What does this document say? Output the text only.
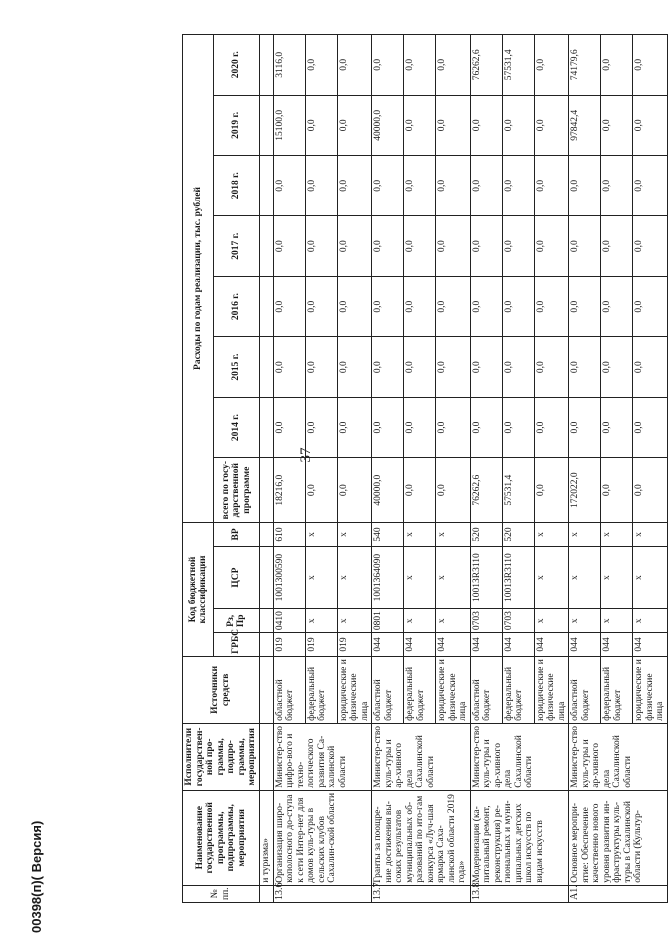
37
00398(п)( Версия)	№ пп.	Наименование государственной программы, подпрограммы, мероприятия	Исполнители государствен-ной про-граммы, подпро-граммы, мероприятия	Источники средств	Код бюджетной классификации				Расходы по годам реализации, тыс. рублей							
				ГРБС	Рз, Пр	ЦСР	ВР	всего по госу-дарственной программе	2014 г.	2015 г.	2016 г.	2017 г.	2018 г.	2019 г.	2020 г.
	и туризма»														
13.6	Организация широ-кополосного до-ступа к сети Интер-нет для домов куль-туры в сельских клубов Сахалин-ской области	Министер-ство цифро-вого и техно-логического развития Са-халинской области	областной бюджет	019	0410	1001300590	610	18216,0	0,0	0,0	0,0	0,0	0,0	15100,0	3116,0
			федеральный бюджет	019	х	х	х	0,0	0,0	0,0	0,0	0,0	0,0	0,0	0,0
			юридические и физические лица	019	х	х	х	0,0	0,0	0,0	0,0	0,0	0,0	0,0	0,0
13.7.	Гранты за поощре-ние достижения вы-соких результатов муниципальных об-разований по ито-гам конкурса «Луч-шая ярмарка Саха-линской области 2019 года»	Министер-ство куль-туры и ар-хивного дела Сахалинской области	областной бюджет	044	0801	1001364090	540	40000,0	0,0	0,0	0,0	0,0	0,0	40000,0	0,0
			федеральный бюджет	044	х	х	х	0,0	0,0	0,0	0,0	0,0	0,0	0,0	0,0
			юридические и физические лица	044	х	х	х	0,0	0,0	0,0	0,0	0,0	0,0	0,0	0,0
13.8.	Модернизация (ка-питальный ремонт, реконструкция) ре-гиональных и муни-ципальных детских школ искусств по видам искусств	Министер-ство куль-туры и ар-хивного дела Сахалинской области	областной бюджет	044	0703	1001ЗR3110	520	76262,6	0,0	0,0	0,0	0,0	0,0	0,0	76262,6
			федеральный бюджет	044	0703	1001ЗR3110	520	57531,4	0,0	0,0	0,0	0,0	0,0	0,0	57531,4
			юридические и физические лица	044	х	х	х	0,0	0,0	0,0	0,0	0,0	0,0	0,0	0,0
А1.	Основное меропри-ятие: Обеспечение качественно нового уровня развития ин-фраструктуры куль-туры в Сахалинской области (Культур-	Министер-ство куль-туры и ар-хивного дела Сахалинской области	областной бюджет	044	х	х	х	172022,0	0,0	0,0	0,0	0,0	0,0	97842,4	74179,6
			федеральный бюджет	044	х	х	х	0,0	0,0	0,0	0,0	0,0	0,0	0,0	0,0
			юридические и физические лица	044	х	х	х	0,0	0,0	0,0	0,0	0,0	0,0	0,0	0,0
